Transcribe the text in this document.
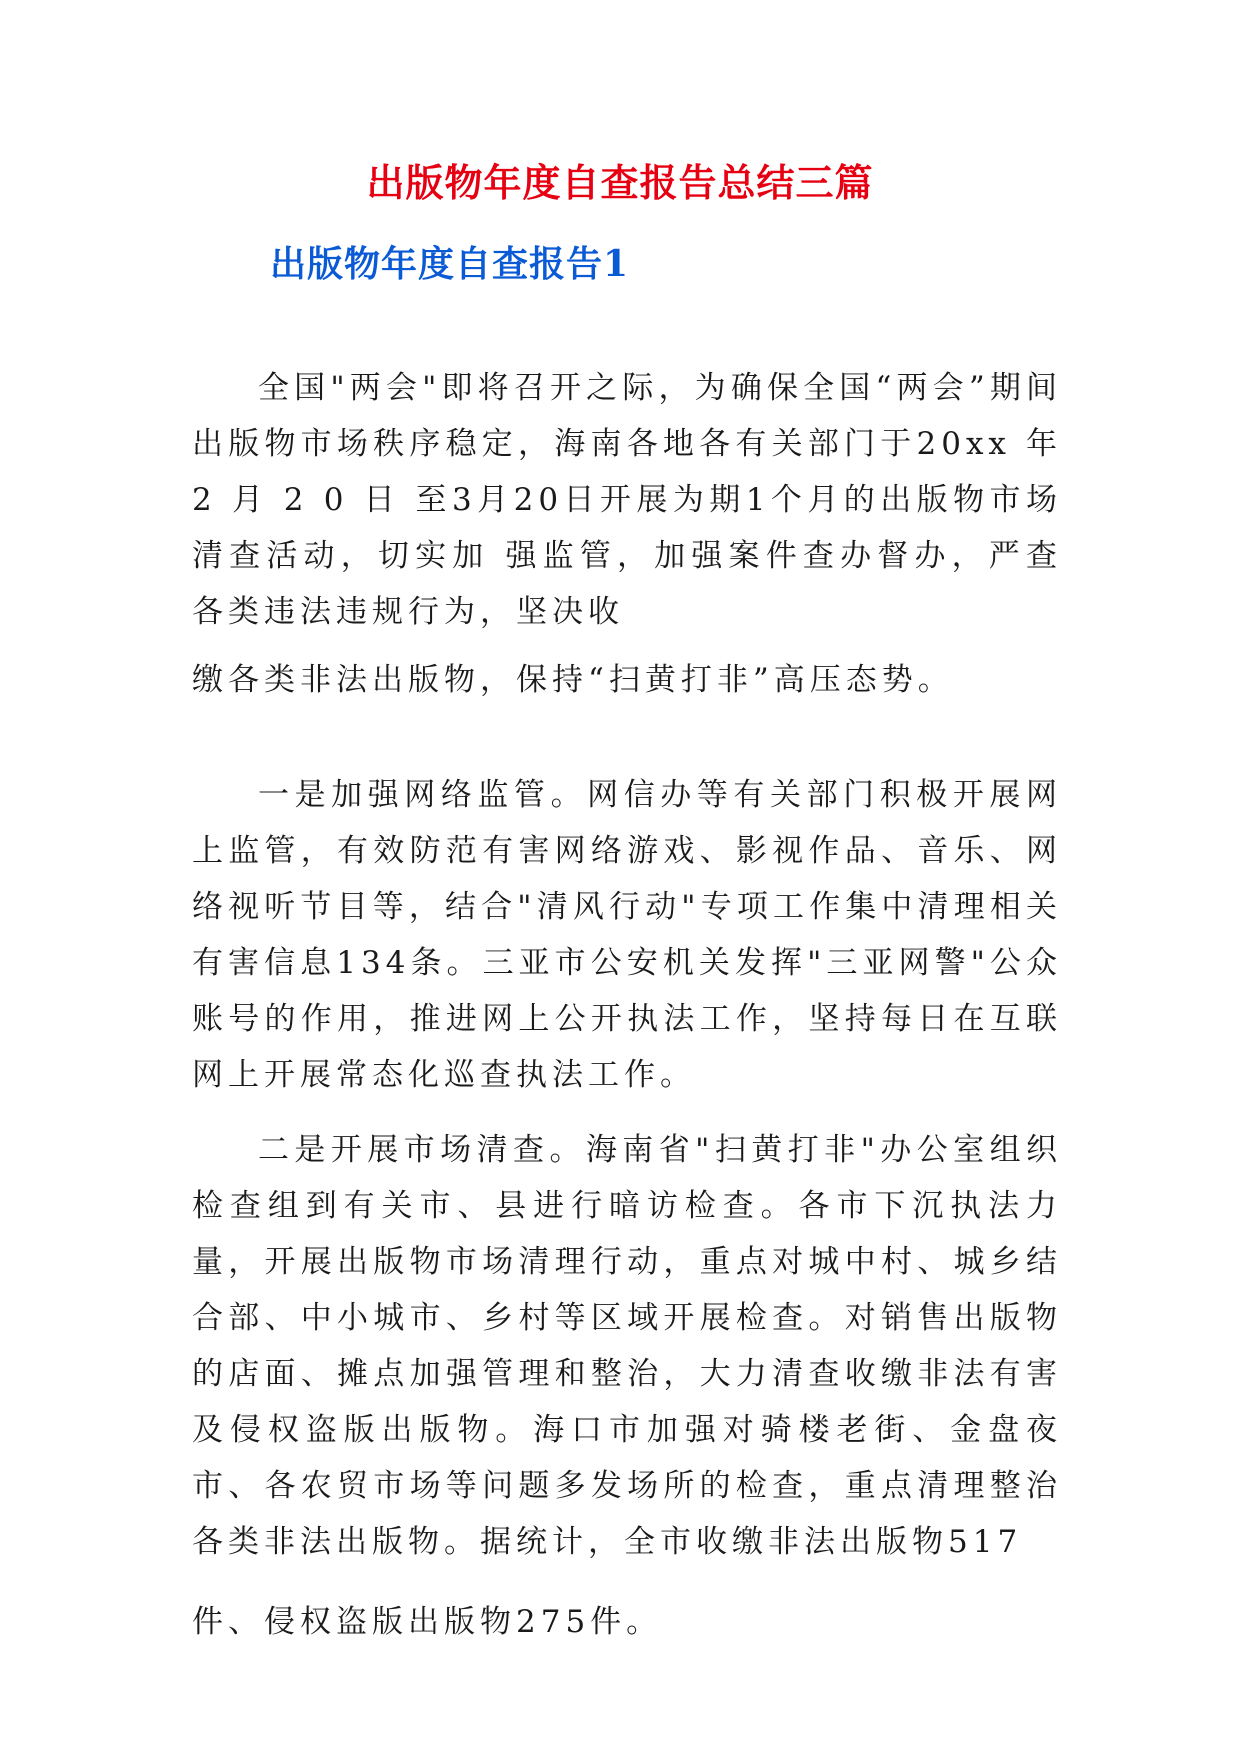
出版物年度自查报告总结三篇
出版物年度自查报告1

全国"两会"即将召开之际，为确保全国“两会”期间出版物市场秩序稳定，海南各地各有关部门于20xx 年 2 月 2 0 日 至3月20日开展为期1个月的出版物市场清查活动，切实加 强监管，加强案件查办督办，严查各类违法违规行为，坚决收

缴各类非法出版物，保持“扫黄打非”高压态势。

一是加强网络监管。网信办等有关部门积极开展网上监管，有效防范有害网络游戏、影视作品、音乐、网络视听节目等，结合"清风行动"专项工作集中清理相关有害信息134条。三亚市公安机关发挥"三亚网警"公众账号的作用，推进网上公开执法工作，坚持每日在互联网上开展常态化巡查执法工作。

二是开展市场清查。海南省"扫黄打非"办公室组织检查组到有关市、县进行暗访检查。各市下沉执法力量，开展出版物市场清理行动，重点对城中村、城乡结合部、中小城市、乡村等区域开展检查。对销售出版物的店面、摊点加强管理和整治，大力清查收缴非法有害及侵权盗版出版物。海口市加强对骑楼老街、金盘夜市、各农贸市场等问题多发场所的检查，重点清理整治各类非法出版物。据统计，全市收缴非法出版物517

件、侵权盗版出版物275件。
